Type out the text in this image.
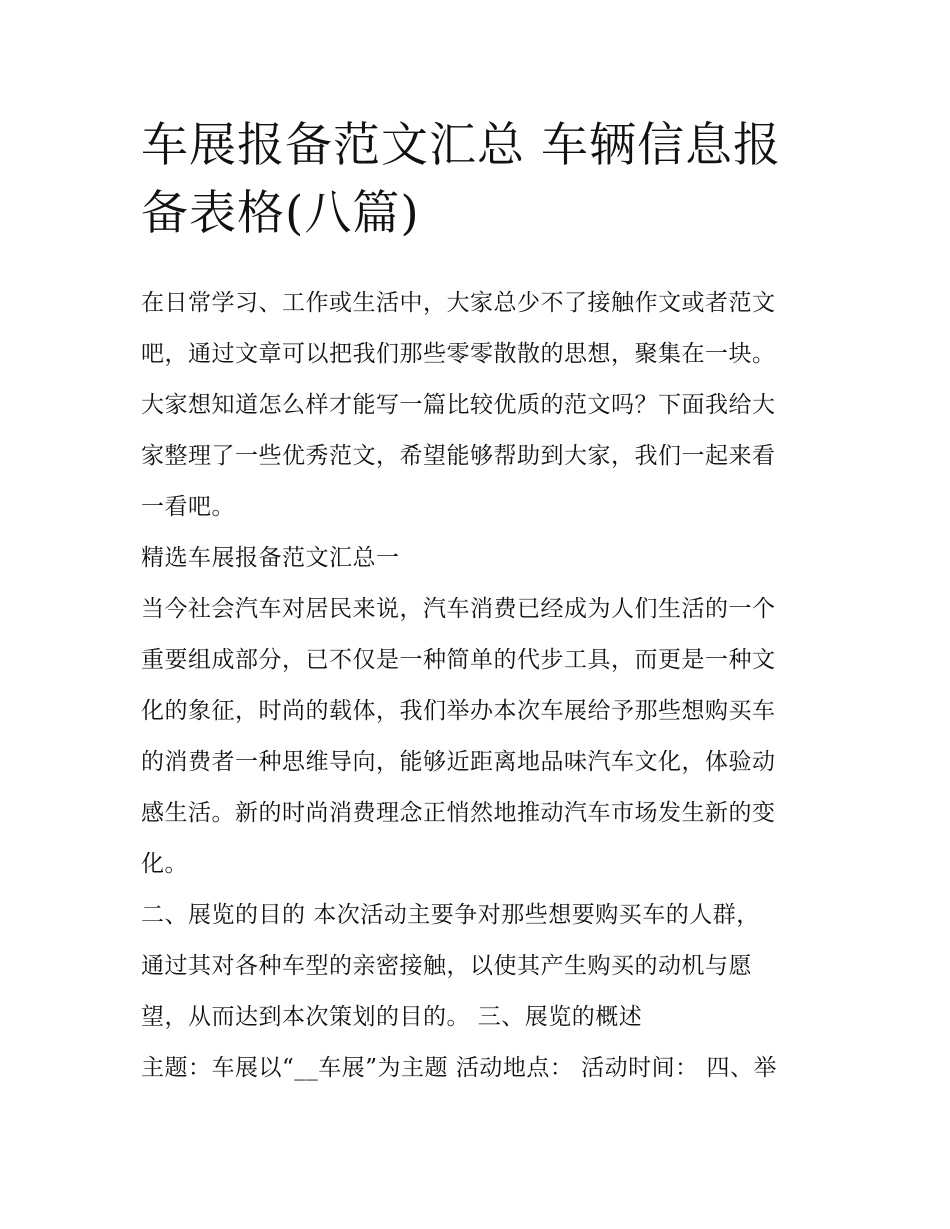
车展报备范文汇总 车辆信息报
备表格(八篇)

在日常学习、工作或生活中，大家总少不了接触作文或者范文
吧，通过文章可以把我们那些零零散散的思想，聚集在一块。
大家想知道怎么样才能写一篇比较优质的范文吗？下面我给大
家整理了一些优秀范文，希望能够帮助到大家，我们一起来看
一看吧。

精选车展报备范文汇总一

当今社会汽车对居民来说，汽车消费已经成为人们生活的一个
重要组成部分，已不仅是一种简单的代步工具，而更是一种文
化的象征，时尚的载体，我们举办本次车展给予那些想购买车
的消费者一种思维导向，能够近距离地品味汽车文化，体验动
感生活。新的时尚消费理念正悄然地推动汽车市场发生新的变
化。

二、展览的目的 本次活动主要争对那些想要购买车的人群，
通过其对各种车型的亲密接触，以使其产生购买的动机与愿
望，从而达到本次策划的目的。 三、展览的概述

主题：车展以“__车展”为主题 活动地点： 活动时间： 四、举
